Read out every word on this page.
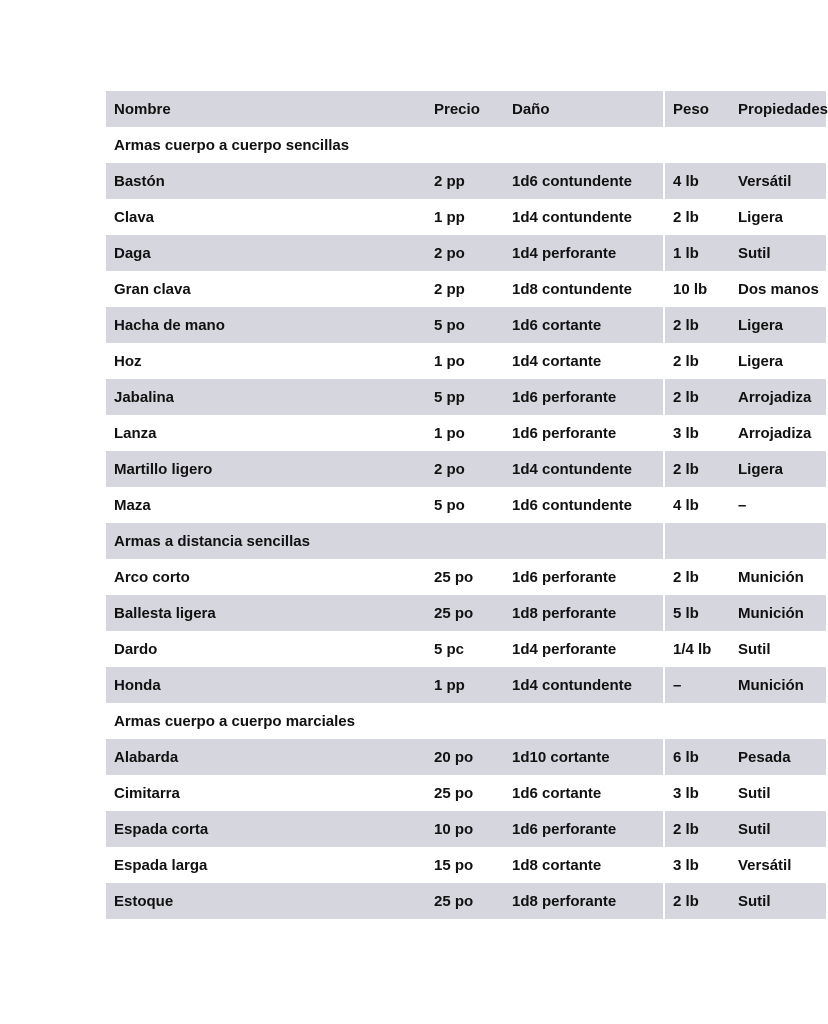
Nombre	Precio	Daño	Peso	Propiedades
Armas cuerpo a cuerpo sencillas				
Bastón	2 pp	1d6 contundente	4 lb	Versátil
Clava	1 pp	1d4 contundente	2 lb	Ligera
Daga	2 po	1d4 perforante	1 lb	Sutil
Gran clava	2 pp	1d8 contundente	10 lb	Dos manos
Hacha de mano	5 po	1d6 cortante	2 lb	Ligera
Hoz	1 po	1d4 cortante	2 lb	Ligera
Jabalina	5 pp	1d6 perforante	2 lb	Arrojadiza
Lanza	1 po	1d6 perforante	3 lb	Arrojadiza
Martillo ligero	2 po	1d4 contundente	2 lb	Ligera
Maza	5 po	1d6 contundente	4 lb	–
Armas a distancia sencillas				
Arco corto	25 po	1d6 perforante	2 lb	Munición
Ballesta ligera	25 po	1d8 perforante	5 lb	Munición
Dardo	5 pc	1d4 perforante	1/4 lb	Sutil
Honda	1 pp	1d4 contundente	–	Munición
Armas cuerpo a cuerpo marciales				
Alabarda	20 po	1d10 cortante	6 lb	Pesada
Cimitarra	25 po	1d6 cortante	3 lb	Sutil
Espada corta	10 po	1d6 perforante	2 lb	Sutil
Espada larga	15 po	1d8 cortante	3 lb	Versátil
Estoque	25 po	1d8 perforante	2 lb	Sutil
